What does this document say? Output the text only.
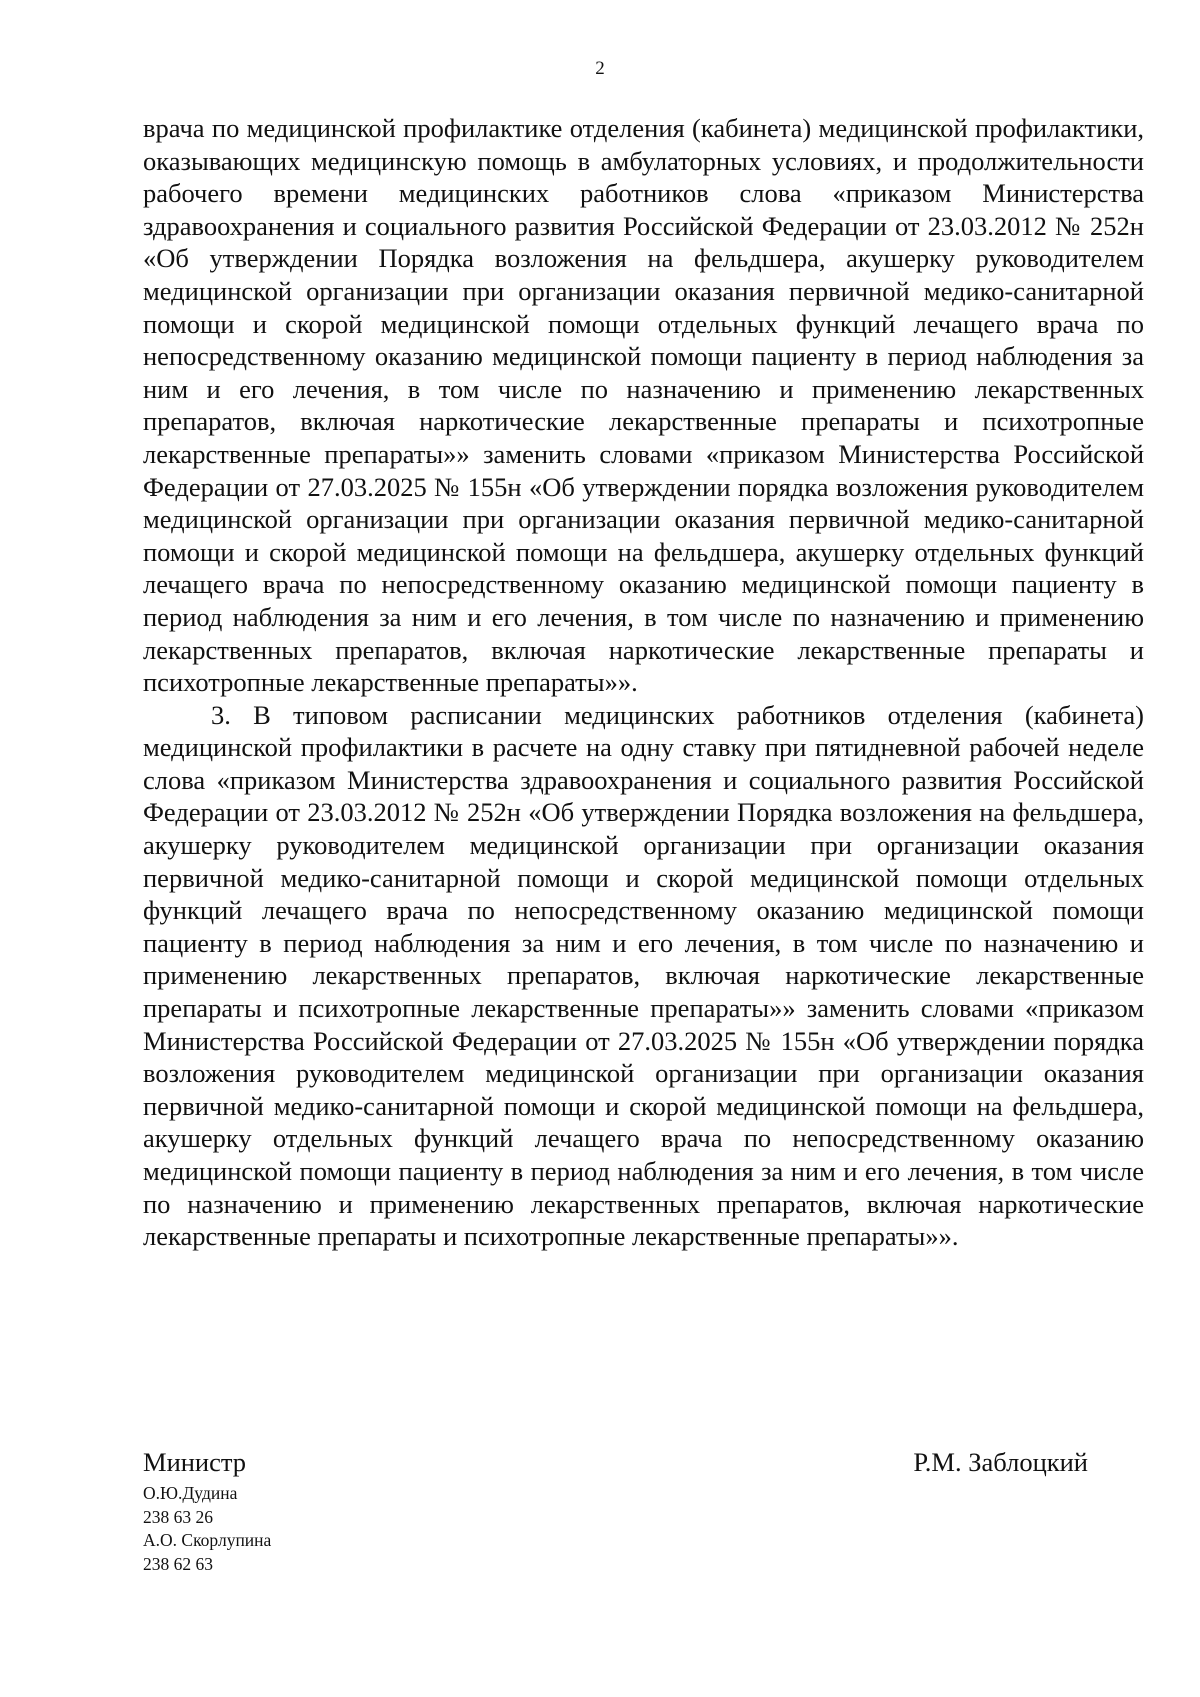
2

врача по медицинской профилактике отделения (кабинета) медицинской профилактики, оказывающих медицинскую помощь в амбулаторных условиях, и продолжительности рабочего времени медицинских работников слова «приказом Министерства здравоохранения и социального развития Российской Федерации от 23.03.2012 № 252н «Об утверждении Порядка возложения на фельдшера, акушерку руководителем медицинской организации при организации оказания первичной медико-санитарной помощи и скорой медицинской помощи отдельных функций лечащего врача по непосредственному оказанию медицинской помощи пациенту в период наблюдения за ним и его лечения, в том числе по назначению и применению лекарственных препаратов, включая наркотические лекарственные препараты и психотропные лекарственные препараты»» заменить словами «приказом Министерства Российской Федерации от 27.03.2025 № 155н «Об утверждении порядка возложения руководителем медицинской организации при организации оказания первичной медико-санитарной помощи и скорой медицинской помощи на фельдшера, акушерку отдельных функций лечащего врача по непосредственному оказанию медицинской помощи пациенту в период наблюдения за ним и его лечения, в том числе по назначению и применению лекарственных препаратов, включая наркотические лекарственные препараты и психотропные лекарственные препараты»».

3. В типовом расписании медицинских работников отделения (кабинета) медицинской профилактики в расчете на одну ставку при пятидневной рабочей неделе слова «приказом Министерства здравоохранения и социального развития Российской Федерации от 23.03.2012 № 252н «Об утверждении Порядка возложения на фельдшера, акушерку руководителем медицинской организации при организации оказания первичной медико-санитарной помощи и скорой медицинской помощи отдельных функций лечащего врача по непосредственному оказанию медицинской помощи пациенту в период наблюдения за ним и его лечения, в том числе по назначению и применению лекарственных препаратов, включая наркотические лекарственные препараты и психотропные лекарственные препараты»» заменить словами «приказом Министерства Российской Федерации от 27.03.2025 № 155н «Об утверждении порядка возложения руководителем медицинской организации при организации оказания первичной медико-санитарной помощи и скорой медицинской помощи на фельдшера, акушерку отдельных функций лечащего врача по непосредственному оказанию медицинской помощи пациенту в период наблюдения за ним и его лечения, в том числе по назначению и применению лекарственных препаратов, включая наркотические лекарственные препараты и психотропные лекарственные препараты»».

Министр	Р.М. Заблоцкий
О.Ю.Дудина
238 63 26
А.О. Скорлупина
238 62 63
